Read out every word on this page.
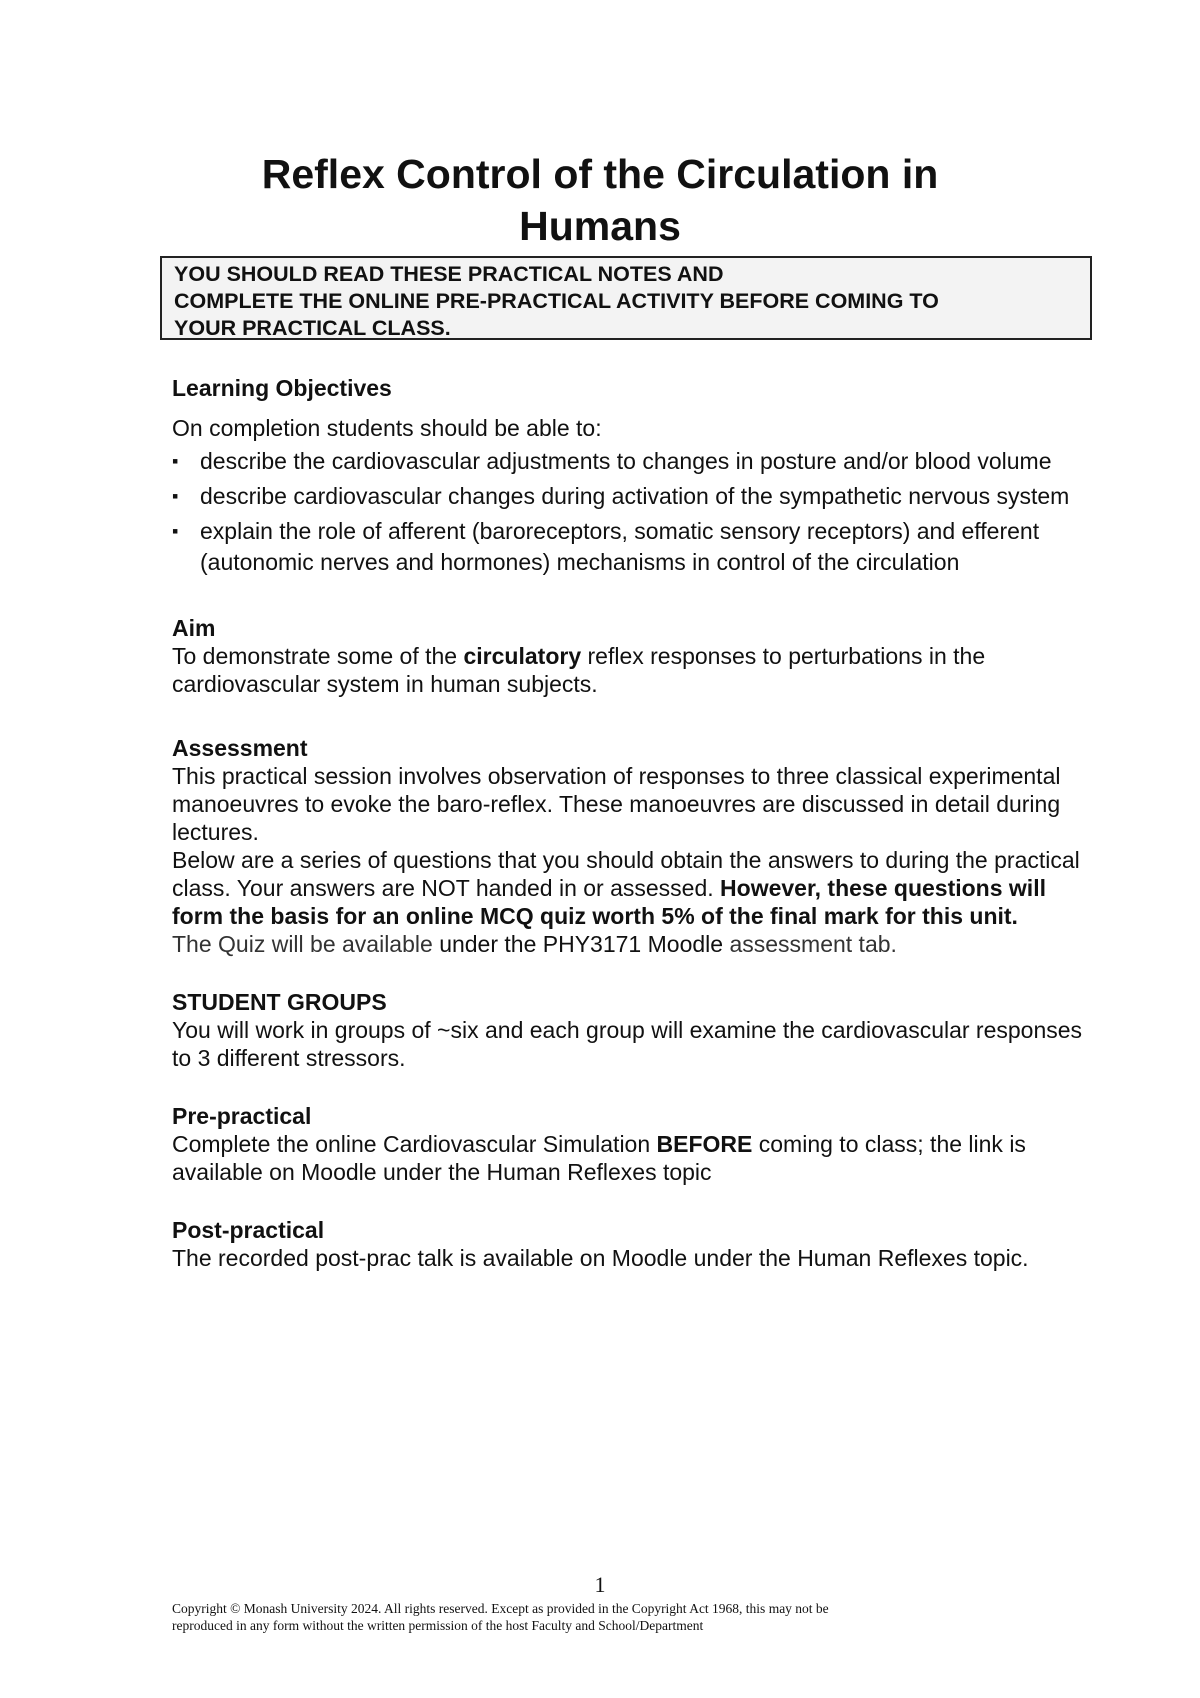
Reflex Control of the Circulation in
Humans
YOU SHOULD READ THESE PRACTICAL NOTES AND
COMPLETE THE ONLINE PRE-PRACTICAL ACTIVITY BEFORE COMING TO
YOUR PRACTICAL CLASS.
Learning Objectives

On completion students should be able to:

▪ describe the cardiovascular adjustments to changes in posture and/or blood volume
▪ describe cardiovascular changes during activation of the sympathetic nervous system
▪ explain the role of afferent (baroreceptors, somatic sensory receptors) and efferent (autonomic nerves and hormones) mechanisms in control of the circulation
Aim

To demonstrate some of the circulatory reflex responses to perturbations in the cardiovascular system in human subjects.

Assessment

This practical session involves observation of responses to three classical experimental manoeuvres to evoke the baro-reflex. These manoeuvres are discussed in detail during lectures.

Below are a series of questions that you should obtain the answers to during the practical class. Your answers are NOT handed in or assessed. However, these questions will form the basis for an online MCQ quiz worth 5% of the final mark for this unit.

The Quiz will be available under the PHY3171 Moodle assessment tab.

STUDENT GROUPS

You will work in groups of ~six and each group will examine the cardiovascular responses to 3 different stressors.

Pre-practical

Complete the online Cardiovascular Simulation BEFORE coming to class; the link is available on Moodle under the Human Reflexes topic

Post-practical

The recorded post-prac talk is available on Moodle under the Human Reflexes topic.

1
Copyright © Monash University 2024. All rights reserved. Except as provided in the Copyright Act 1968, this may not be
reproduced in any form without the written permission of the host Faculty and School/Department
